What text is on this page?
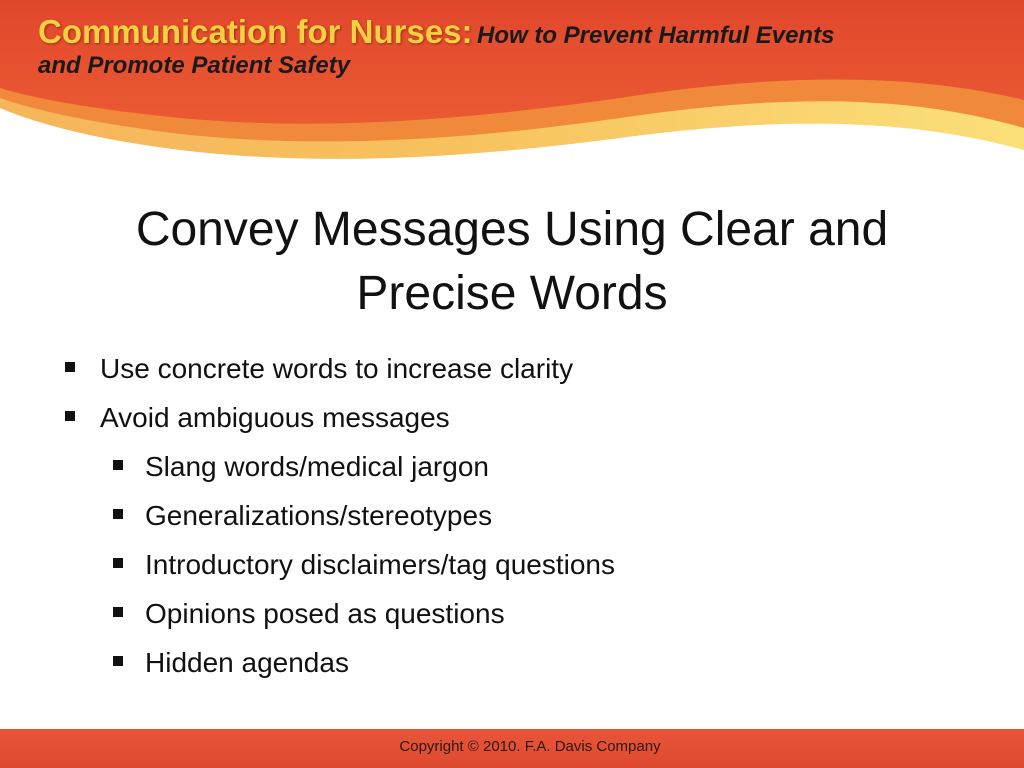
Communication for Nurses: How to Prevent Harmful Events
and Promote Patient Safety
Convey Messages Using Clear and
Precise Words
Use concrete words to increase clarity
Avoid ambiguous messages
Slang words/medical jargon
Generalizations/stereotypes
Introductory disclaimers/tag questions
Opinions posed as questions
Hidden agendas
Copyright © 2010. F.A. Davis Company
